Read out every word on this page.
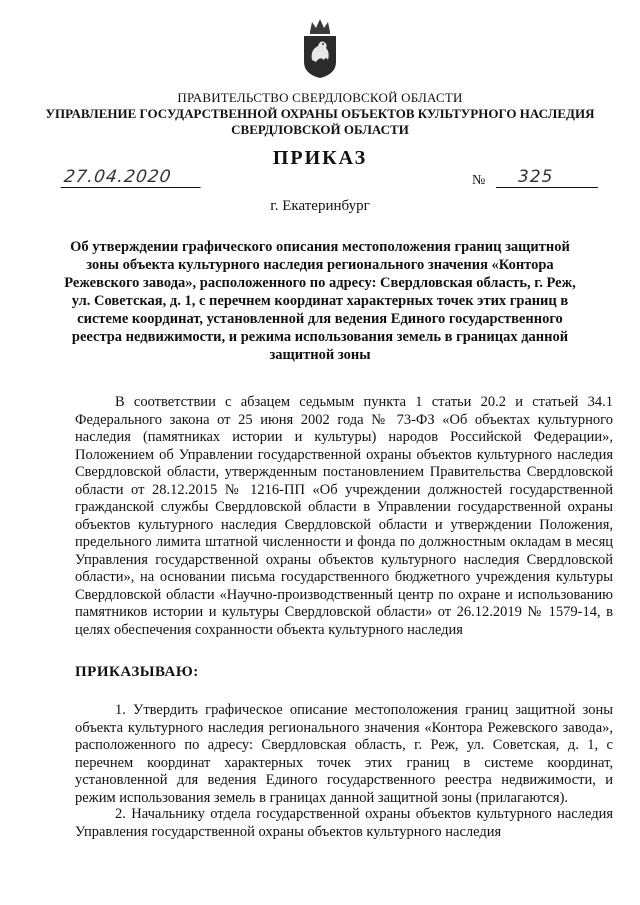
ПРАВИТЕЛЬСТВО СВЕРДЛОВСКОЙ ОБЛАСТИ
УПРАВЛЕНИЕ ГОСУДАРСТВЕННОЙ ОХРАНЫ ОБЪЕКТОВ КУЛЬТУРНОГО НАСЛЕДИЯ СВЕРДЛОВСКОЙ ОБЛАСТИ
ПРИКАЗ
27.04.2020	№	325
г. Екатеринбург
Об утверждении графического описания местоположения границ защитной зоны объекта культурного наследия регионального значения «Контора Режевского завода», расположенного по адресу: Свердловская область, г. Реж, ул. Советская, д. 1, с перечнем координат характерных точек этих границ в системе координат, установленной для ведения Единого государственного реестра недвижимости, и режима использования земель в границах данной защитной зоны

В соответствии с абзацем седьмым пункта 1 статьи 20.2 и статьей 34.1 Федерального закона от 25 июня 2002 года № 73-ФЗ «Об объектах культурного наследия (памятниках истории и культуры) народов Российской Федерации», Положением об Управлении государственной охраны объектов культурного наследия Свердловской области, утвержденным постановлением Правительства Свердловской области от 28.12.2015 № 1216-ПП «Об учреждении должностей государственной гражданской службы Свердловской области в Управлении государственной охраны объектов культурного наследия Свердловской области и утверждении Положения, предельного лимита штатной численности и фонда по должностным окладам в месяц Управления государственной охраны объектов культурного наследия Свердловской области», на основании письма государственного бюджетного учреждения культуры Свердловской области «Научно-производственный центр по охране и использованию памятников истории и культуры Свердловской области» от 26.12.2019 № 1579-14, в целях обеспечения сохранности объекта культурного наследия

ПРИКАЗЫВАЮ:

1. Утвердить графическое описание местоположения границ защитной зоны объекта культурного наследия регионального значения «Контора Режевского завода», расположенного по адресу: Свердловская область, г. Реж, ул. Советская, д. 1, с перечнем координат характерных точек этих границ в системе координат, установленной для ведения Единого государственного реестра недвижимости, и режим использования земель в границах данной защитной зоны (прилагаются).

2. Начальнику отдела государственной охраны объектов культурного наследия Управления государственной охраны объектов культурного наследия
